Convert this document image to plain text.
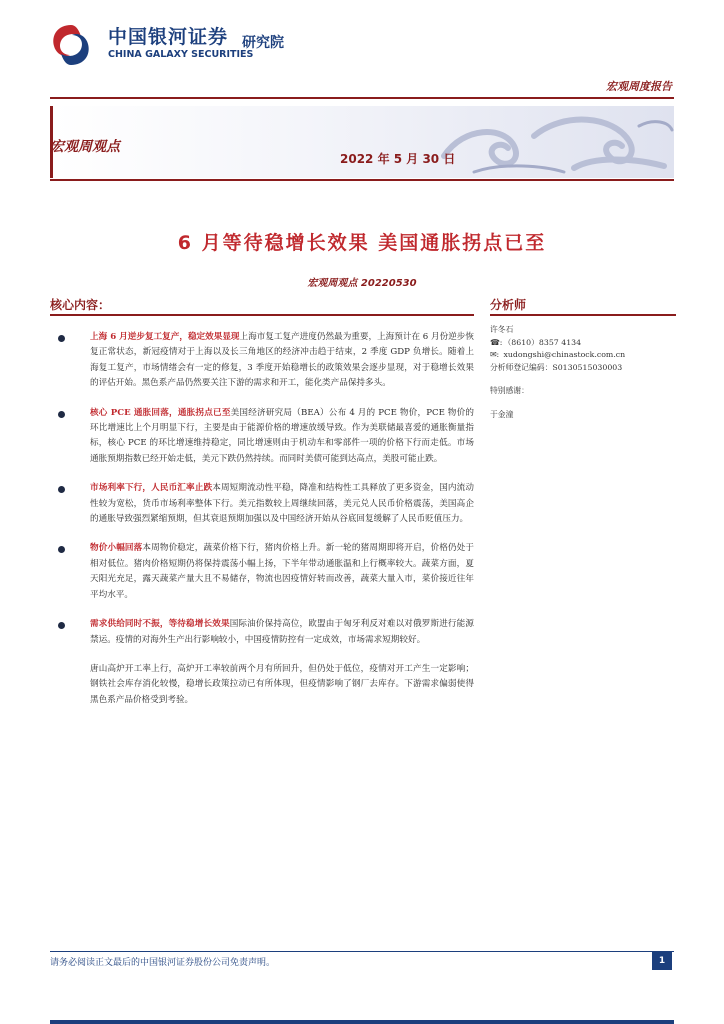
中国银河证券
CHINA GALAXY SECURITIES
研究院
宏观周度报告
宏观周观点
2022 年 5 月 30 日
6 月等待稳增长效果 美国通胀拐点已至
宏观周观点 20220530
核心内容：	分析师
上海 6 月逆步复工复产，稳定效果显现上海市复工复产进度仍然最为重要，上海预计在 6 月份逆步恢复正常状态，新冠疫情对于上海以及长三角地区的经济冲击趋于结束，2 季度 GDP 负增长。随着上海复工复产，市场情绪会有一定的修复，3 季度开始稳增长的政策效果会逐步显现，对于稳增长效果的评估开始。黑色系产品仍然要关注下游的需求和开工，能化类产品保持多头。
核心 PCE 通胀回落，通胀拐点已至美国经济研究局（BEA）公布 4 月的 PCE 物价，PCE 物价的环比增速比上个月明显下行，主要是由于能源价格的增速放缓导致。作为美联储最喜爱的通胀衡量指标，核心 PCE 的环比增速维持稳定，同比增速则由于机动车和零部件一项的价格下行而走低。市场通胀预期指数已经开始走低，美元下跌仍然持续。而同时美债可能到达高点，美股可能止跌。
市场利率下行，人民币汇率止跌本周短期流动性平稳，降准和结构性工具释放了更多资金，国内流动性较为宽松，货币市场利率整体下行。美元指数较上周继续回落，美元兑人民币价格震荡，美国高企的通胀导致强烈紧缩预期，但其衰退预期加强以及中国经济开始从谷底回复缓解了人民币贬值压力。
物价小幅回落本周物价稳定，蔬菜价格下行，猪肉价格上升。新一轮的猪周期即将开启，价格仍处于相对低位。猪肉价格短期仍将保持震荡小幅上扬，下半年带动通胀温和上行概率较大。蔬菜方面，夏天阳光充足，露天蔬菜产量大且不易储存，物流也因疫情好转而改善，蔬菜大量入市，菜价接近往年平均水平。
需求供给同时不振，等待稳增长效果国际油价保持高位，欧盟由于匈牙利反对难以对俄罗斯进行能源禁运。疫情的对海外生产出行影响较小，中国疫情防控有一定成效，市场需求短期较好。
唐山高炉开工率上行，高炉开工率较前两个月有所回升，但仍处于低位，疫情对开工产生一定影响；钢铁社会库存消化较慢，稳增长政策拉动已有所体现，但疫情影响了钢厂去库存。下游需求偏弱使得黑色系产品价格受到考验。
许冬石
☎: （8610）8357 4134
✉: xudongshi@chinastock.com.cn
分析师登记编码：S0130515030003
特别感谢：
于金潼
请务必阅读正文最后的中国银河证券股份公司免责声明。	1
